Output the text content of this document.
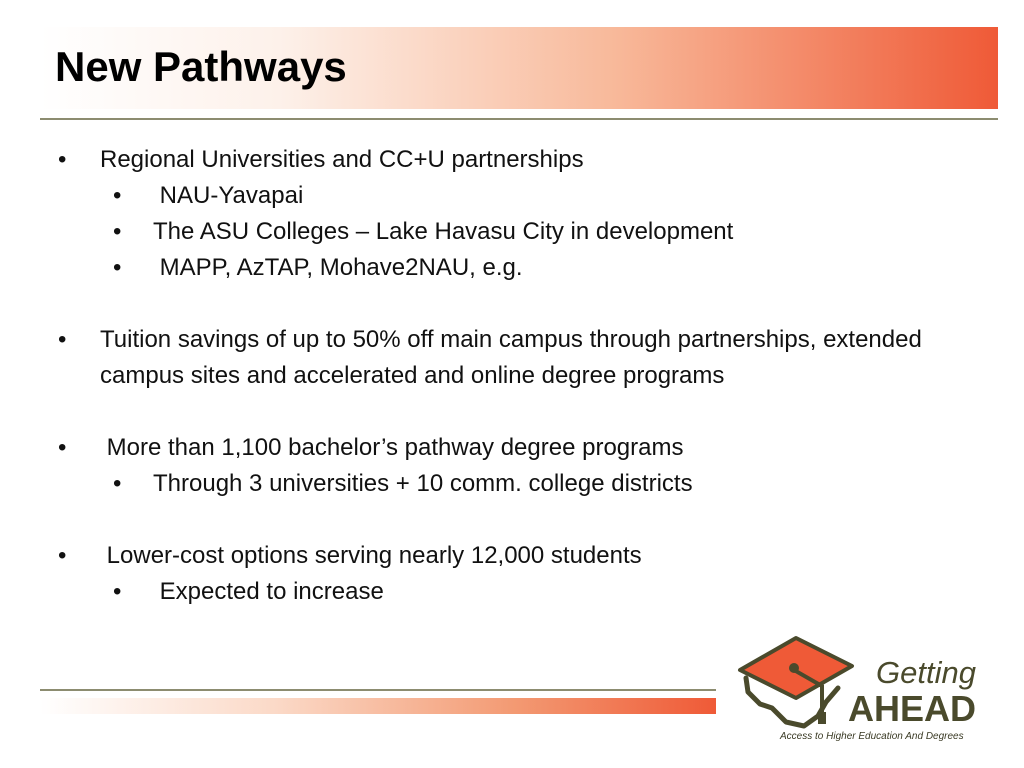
New Pathways
• Regional Universities and CC+U partnerships
• NAU-Yavapai
• The ASU Colleges – Lake Havasu City in development
• MAPP, AzTAP, Mohave2NAU, e.g.
• Tuition savings of up to 50% off main campus through partnerships, extended campus sites and accelerated and online degree programs
• More than 1,100 bachelor’s pathway degree programs
• Through 3 universities + 10 comm. college districts
• Lower-cost options serving nearly 12,000 students
• Expected to increase
Getting
AHEAD
Access to Higher Education And Degrees
